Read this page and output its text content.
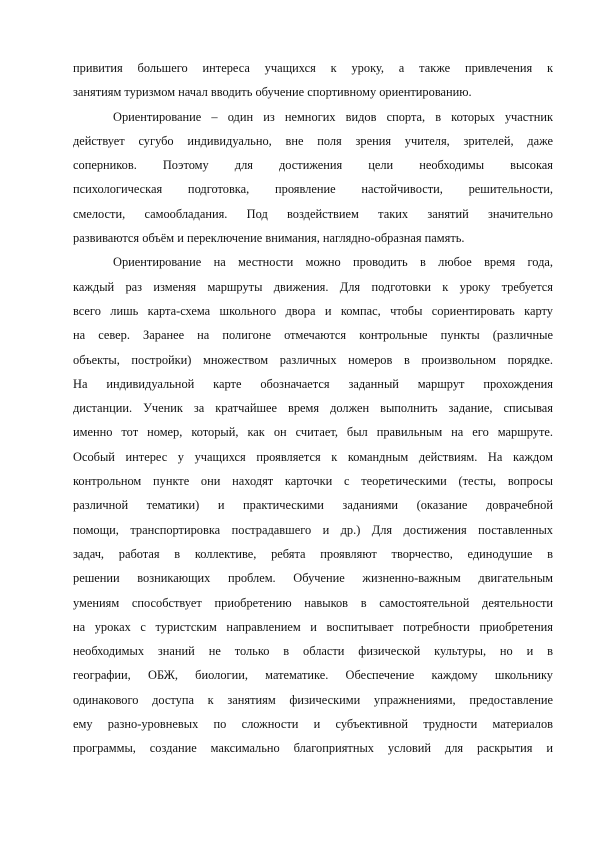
привития большего интереса учащихся к уроку, а также привлечения к
занятиям туризмом начал вводить обучение спортивному ориентированию.
Ориентирование – один из немногих видов спорта, в которых участник
действует сугубо индивидуально, вне поля зрения учителя, зрителей, даже
соперников. Поэтому для достижения цели необходимы высокая
психологическая подготовка, проявление настойчивости, решительности,
смелости, самообладания. Под воздействием таких занятий значительно
развиваются объём и переключение внимания, наглядно-образная память.
Ориентирование на местности можно проводить в любое время года,
каждый раз изменяя маршруты движения. Для подготовки к уроку требуется
всего лишь карта-схема школьного двора и компас, чтобы сориентировать карту
на север. Заранее на полигоне отмечаются контрольные пункты (различные
объекты, постройки) множеством различных номеров в произвольном порядке.
На индивидуальной карте обозначается заданный маршрут прохождения
дистанции. Ученик за кратчайшее время должен выполнить задание, списывая
именно тот номер, который, как он считает, был правильным на его маршруте.
Особый интерес у учащихся проявляется к командным действиям. На каждом
контрольном пункте они находят карточки с теоретическими (тесты, вопросы
различной тематики) и практическими заданиями (оказание доврачебной
помощи, транспортировка пострадавшего и др.) Для достижения поставленных
задач, работая в коллективе, ребята проявляют творчество, единодушие в
решении возникающих проблем. Обучение жизненно-важным двигательным
умениям способствует приобретению навыков в самостоятельной деятельности
на уроках с туристским направлением и воспитывает потребности приобретения
необходимых знаний не только в области физической культуры, но и в
географии, ОБЖ, биологии, математике. Обеспечение каждому школьнику
одинакового доступа к занятиям физическими упражнениями, предоставление
ему разно-уровневых по сложности и субъективной трудности материалов
программы, создание максимально благоприятных условий для раскрытия и
